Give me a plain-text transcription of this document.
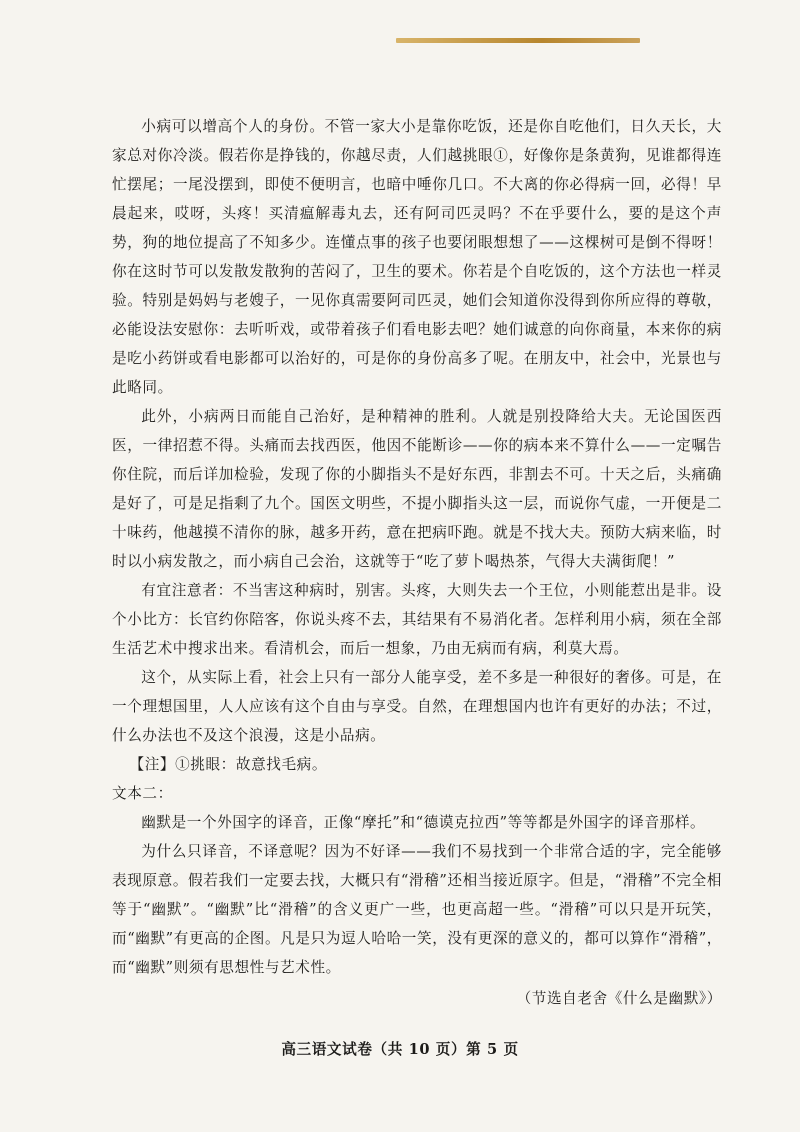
小病可以增高个人的身份。不管一家大小是靠你吃饭，还是你自吃他们，日久天长，大家总对你冷淡。假若你是挣钱的，你越尽责，人们越挑眼①，好像你是条黄狗，见谁都得连忙摆尾；一尾没摆到，即使不便明言，也暗中唾你几口。不大离的你必得病一回，必得！早晨起来，哎呀，头疼！买清瘟解毒丸去，还有阿司匹灵吗？不在乎要什么，要的是这个声势，狗的地位提高了不知多少。连懂点事的孩子也要闭眼想想了——这棵树可是倒不得呀！你在这时节可以发散发散狗的苦闷了，卫生的要术。你若是个自吃饭的，这个方法也一样灵验。特别是妈妈与老嫂子，一见你真需要阿司匹灵，她们会知道你没得到你所应得的尊敬，必能设法安慰你：去听听戏，或带着孩子们看电影去吧？她们诚意的向你商量，本来你的病是吃小药饼或看电影都可以治好的，可是你的身份高多了呢。在朋友中，社会中，光景也与此略同。

此外，小病两日而能自己治好，是种精神的胜利。人就是别投降给大夫。无论国医西医，一律招惹不得。头痛而去找西医，他因不能断诊——你的病本来不算什么——一定嘱告你住院，而后详加检验，发现了你的小脚指头不是好东西，非割去不可。十天之后，头痛确是好了，可是足指剩了九个。国医文明些，不提小脚指头这一层，而说你气虚，一开便是二十味药，他越摸不清你的脉，越多开药，意在把病吓跑。就是不找大夫。预防大病来临，时时以小病发散之，而小病自己会治，这就等于“吃了萝卜喝热茶，气得大夫满街爬！”

有宜注意者：不当害这种病时，别害。头疼，大则失去一个王位，小则能惹出是非。设个小比方：长官约你陪客，你说头疼不去，其结果有不易消化者。怎样利用小病，须在全部生活艺术中搜求出来。看清机会，而后一想象，乃由无病而有病，利莫大焉。

这个，从实际上看，社会上只有一部分人能享受，差不多是一种很好的奢侈。可是，在一个理想国里，人人应该有这个自由与享受。自然，在理想国内也许有更好的办法；不过，什么办法也不及这个浪漫，这是小品病。

【注】①挑眼：故意找毛病。

文本二：

幽默是一个外国字的译音，正像“摩托”和“德谟克拉西”等等都是外国字的译音那样。

为什么只译音，不译意呢？因为不好译——我们不易找到一个非常合适的字，完全能够表现原意。假若我们一定要去找，大概只有“滑稽”还相当接近原字。但是，“滑稽”不完全相等于“幽默”。“幽默”比“滑稽”的含义更广一些，也更高超一些。“滑稽”可以只是开玩笑，而“幽默”有更高的企图。凡是只为逗人哈哈一笑，没有更深的意义的，都可以算作“滑稽”，而“幽默”则须有思想性与艺术性。

（节选自老舍《什么是幽默》）

高三语文试卷（共 10 页）第 5 页
